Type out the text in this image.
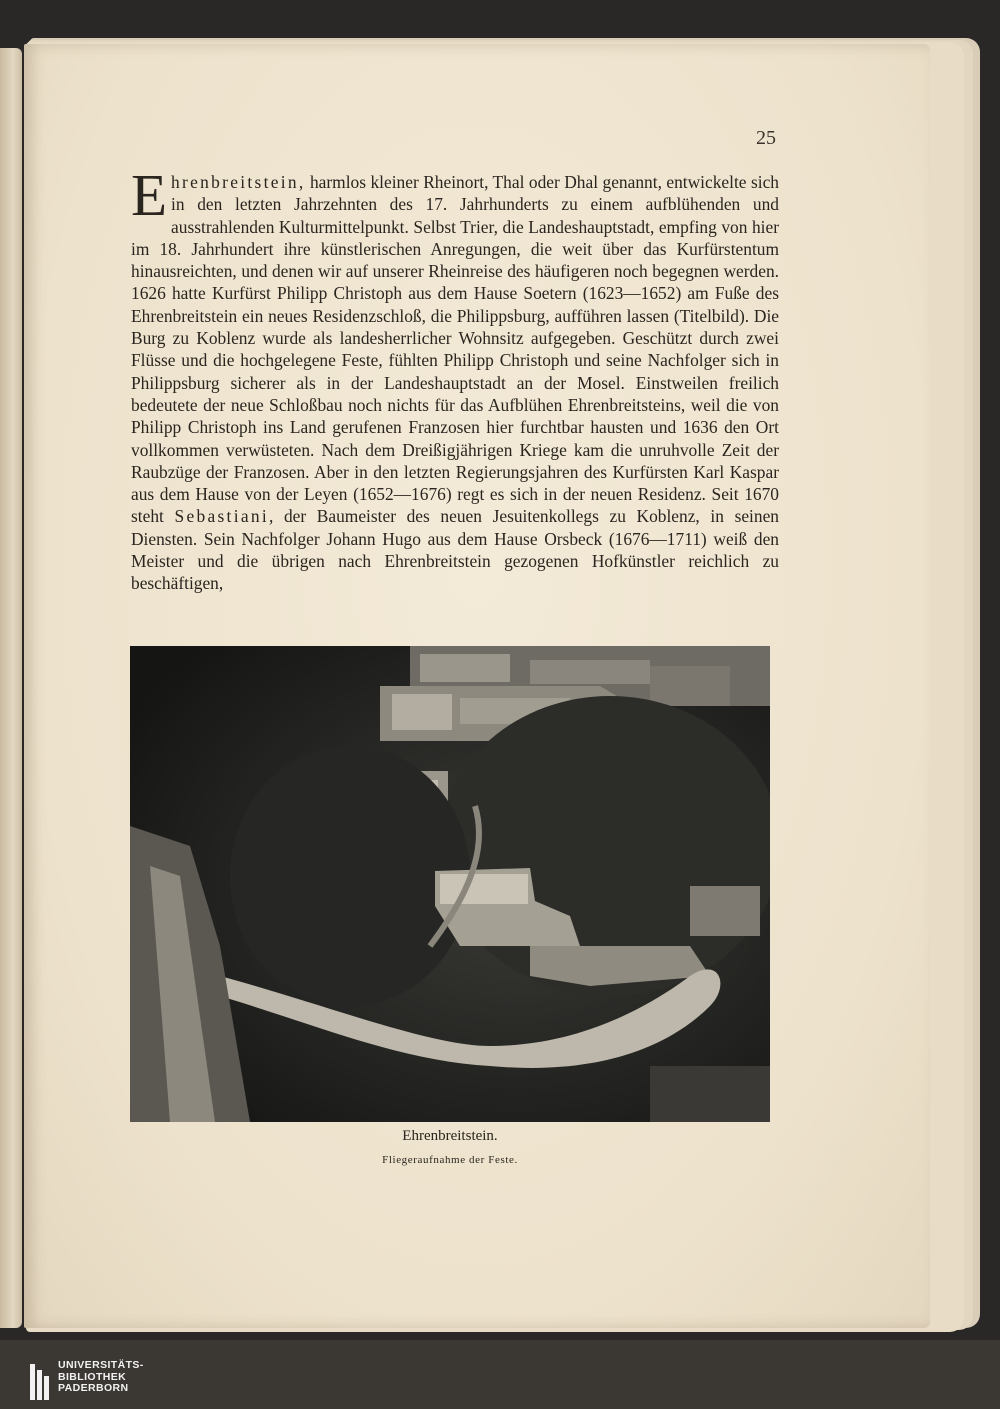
25

Ehrenbreitstein, harmlos kleiner Rheinort, Thal oder Dhal genannt, entwickelte sich in den letzten Jahrzehnten des 17. Jahrhunderts zu einem aufblühenden und ausstrahlenden Kulturmittelpunkt. Selbst Trier, die Landeshauptstadt, empfing von hier im 18. Jahrhundert ihre künstlerischen Anregungen, die weit über das Kurfürstentum hinausreichten, und denen wir auf unserer Rheinreise des häufigeren noch begegnen werden. 1626 hatte Kurfürst Philipp Christoph aus dem Hause Soetern (1623—1652) am Fuße des Ehrenbreitstein ein neues Residenzschloß, die Philippsburg, aufführen lassen (Titelbild). Die Burg zu Koblenz wurde als landesherrlicher Wohnsitz aufgegeben. Geschützt durch zwei Flüsse und die hochgelegene Feste, fühlten Philipp Christoph und seine Nachfolger sich in Philippsburg sicherer als in der Landeshauptstadt an der Mosel. Einstweilen freilich bedeutete der neue Schloßbau noch nichts für das Aufblühen Ehrenbreitsteins, weil die von Philipp Christoph ins Land gerufenen Franzosen hier furchtbar hausten und 1636 den Ort vollkommen verwüsteten. Nach dem Dreißigjährigen Kriege kam die unruhvolle Zeit der Raubzüge der Franzosen. Aber in den letzten Regierungsjahren des Kurfürsten Karl Kaspar aus dem Hause von der Leyen (1652—1676) regt es sich in der neuen Residenz. Seit 1670 steht Sebastiani, der Baumeister des neuen Jesuitenkollegs zu Koblenz, in seinen Diensten. Sein Nachfolger Johann Hugo aus dem Hause Orsbeck (1676—1711) weiß den Meister und die übrigen nach Ehrenbreitstein gezogenen Hofkünstler reichlich zu beschäftigen,

Ehrenbreitstein.
Fliegeraufnahme der Feste.
UNIVERSITÄTS-
BIBLIOTHEK
PADERBORN
